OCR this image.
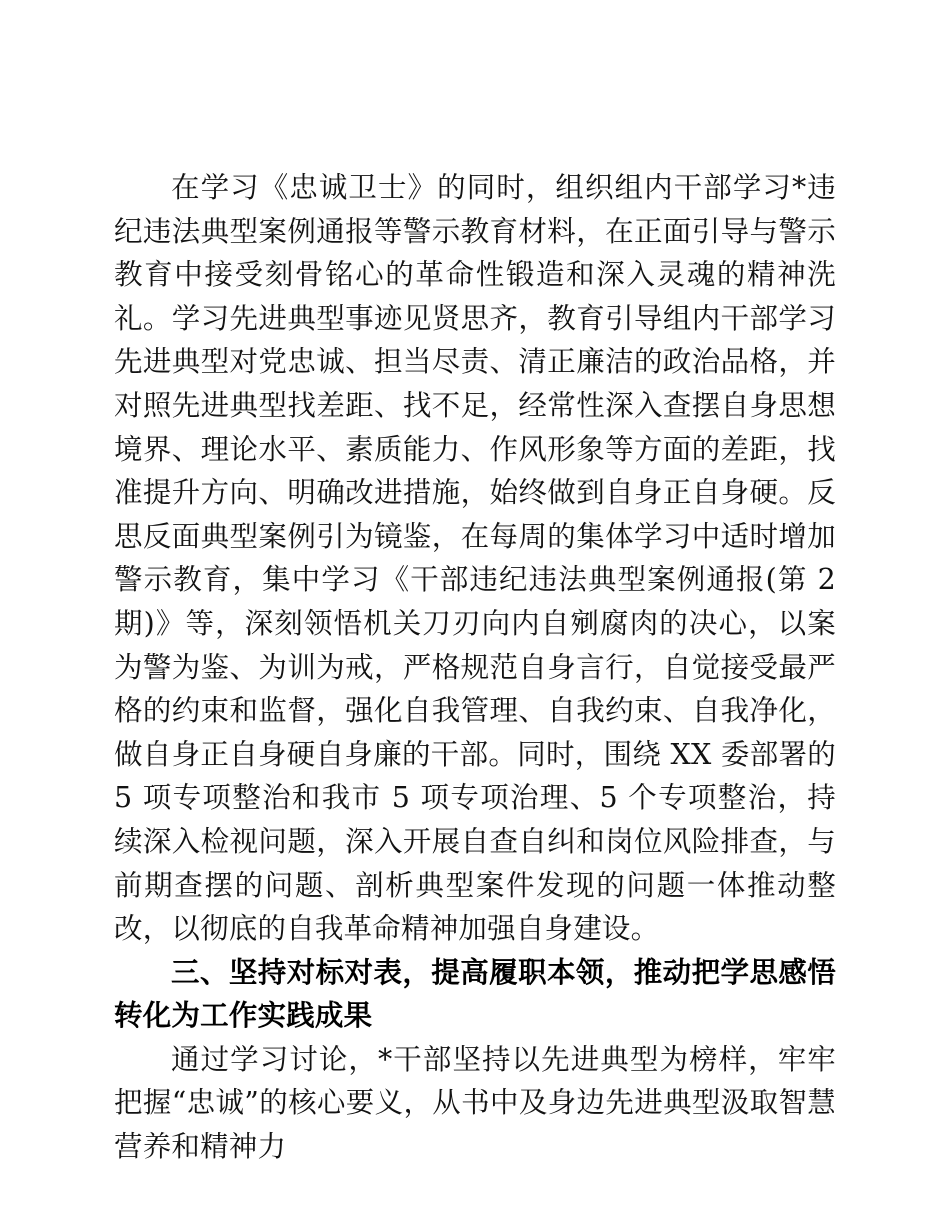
在学习《忠诚卫士》的同时，组织组内干部学习*违纪违法典型案例通报等警示教育材料，在正面引导与警示教育中接受刻骨铭心的革命性锻造和深入灵魂的精神洗礼。学习先进典型事迹见贤思齐，教育引导组内干部学习先进典型对党忠诚、担当尽责、清正廉洁的政治品格，并对照先进典型找差距、找不足，经常性深入查摆自身思想境界、理论水平、素质能力、作风形象等方面的差距，找准提升方向、明确改进措施，始终做到自身正自身硬。反思反面典型案例引为镜鉴，在每周的集体学习中适时增加警示教育，集中学习《干部违纪违法典型案例通报(第 2 期)》等，深刻领悟机关刀刃向内自剜腐肉的决心，以案为警为鉴、为训为戒，严格规范自身言行，自觉接受最严格的约束和监督，强化自我管理、自我约束、自我净化，做自身正自身硬自身廉的干部。同时，围绕 XX 委部署的 5 项专项整治和我市 5 项专项治理、5 个专项整治，持续深入检视问题，深入开展自查自纠和岗位风险排查，与前期查摆的问题、剖析典型案件发现的问题一体推动整改，以彻底的自我革命精神加强自身建设。

三、坚持对标对表，提高履职本领，推动把学思感悟转化为工作实践成果

通过学习讨论，*干部坚持以先进典型为榜样，牢牢把握“忠诚”的核心要义，从书中及身边先进典型汲取智慧营养和精神力
